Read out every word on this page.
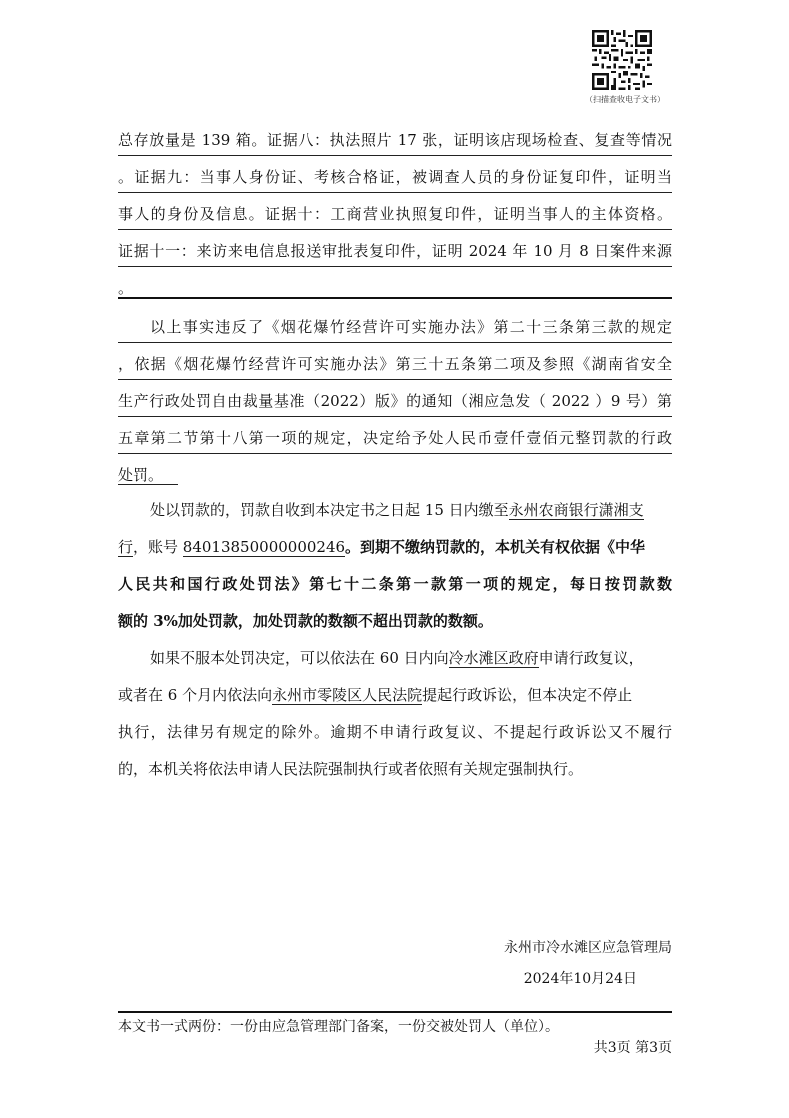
（扫描查收电子文书）
总存放量是 139 箱。证据八：执法照片 17 张，证明该店现场检查、复查等情况
。证据九：当事人身份证、考核合格证，被调查人员的身份证复印件，证明当
事人的身份及信息。证据十：工商营业执照复印件，证明当事人的主体资格。
证据十一：来访来电信息报送审批表复印件，证明 2024 年 10 月 8 日案件来源
。
以上事实违反了《烟花爆竹经营许可实施办法》第二十三条第三款的规定
，依据《烟花爆竹经营许可实施办法》第三十五条第二项及参照《湖南省安全
生产行政处罚自由裁量基准（2022）版》的通知（湘应急发（ 2022 ）9 号）第
五章第二节第十八第一项的规定，决定给予处人民币壹仟壹佰元整罚款的行政
处罚。
处以罚款的，罚款自收到本决定书之日起 15 日内缴至永州农商银行潇湘支
行，账号 84013850000000246。到期不缴纳罚款的，本机关有权依据《中华
人民共和国行政处罚法》第七十二条第一款第一项的规定，每日按罚款数
额的 3%加处罚款，加处罚款的数额不超出罚款的数额。
如果不服本处罚决定，可以依法在 60 日内向冷水滩区政府申请行政复议，
或者在 6 个月内依法向永州市零陵区人民法院提起行政诉讼，但本决定不停止
执行，法律另有规定的除外。逾期不申请行政复议、不提起行政诉讼又不履行
的，本机关将依法申请人民法院强制执行或者依照有关规定强制执行。
永州市冷水滩区应急管理局
2024年10月24日
本文书一式两份：一份由应急管理部门备案，一份交被处罚人（单位）。
共3页 第3页
